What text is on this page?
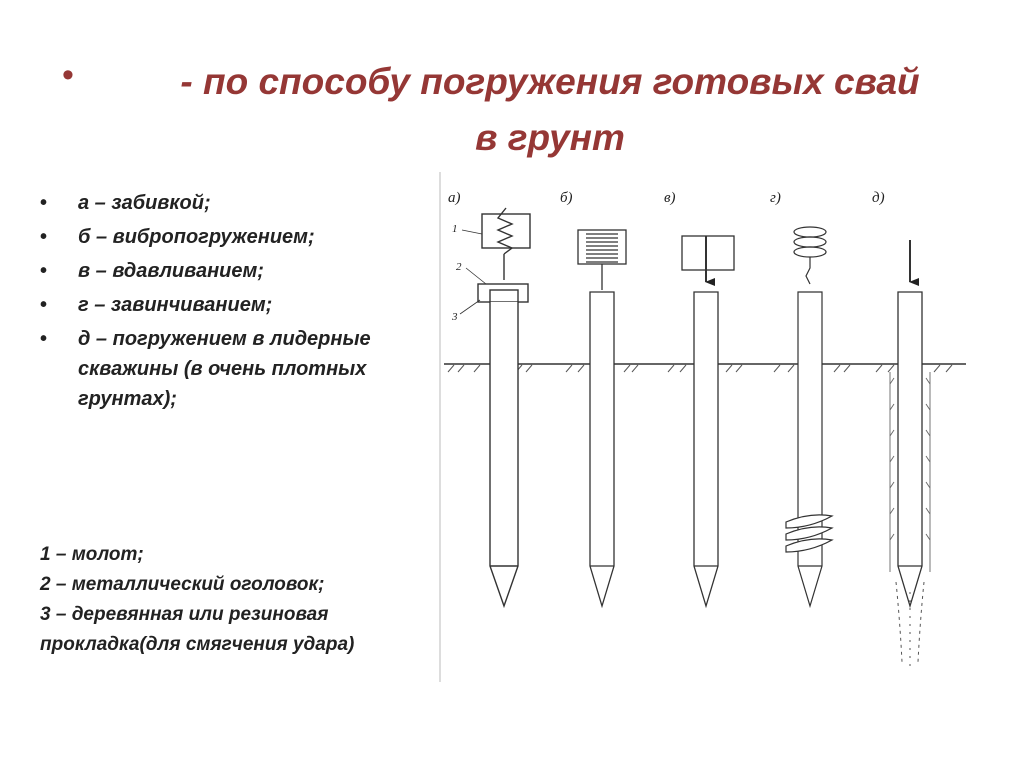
•	- по способу погружения готовых свай
в грунт
• а – забивкой;
• б – вибропогружением;
• в – вдавливанием;
• г – завинчиванием;
• д – погружением в лидерные скважины (в очень плотных грунтах);
1 – молот;
2 – металлический оголовок;
3 – деревянная или резиновая прокладка(для смягчения удара)
а)	б)	в)	г)	д)
1
2
3
